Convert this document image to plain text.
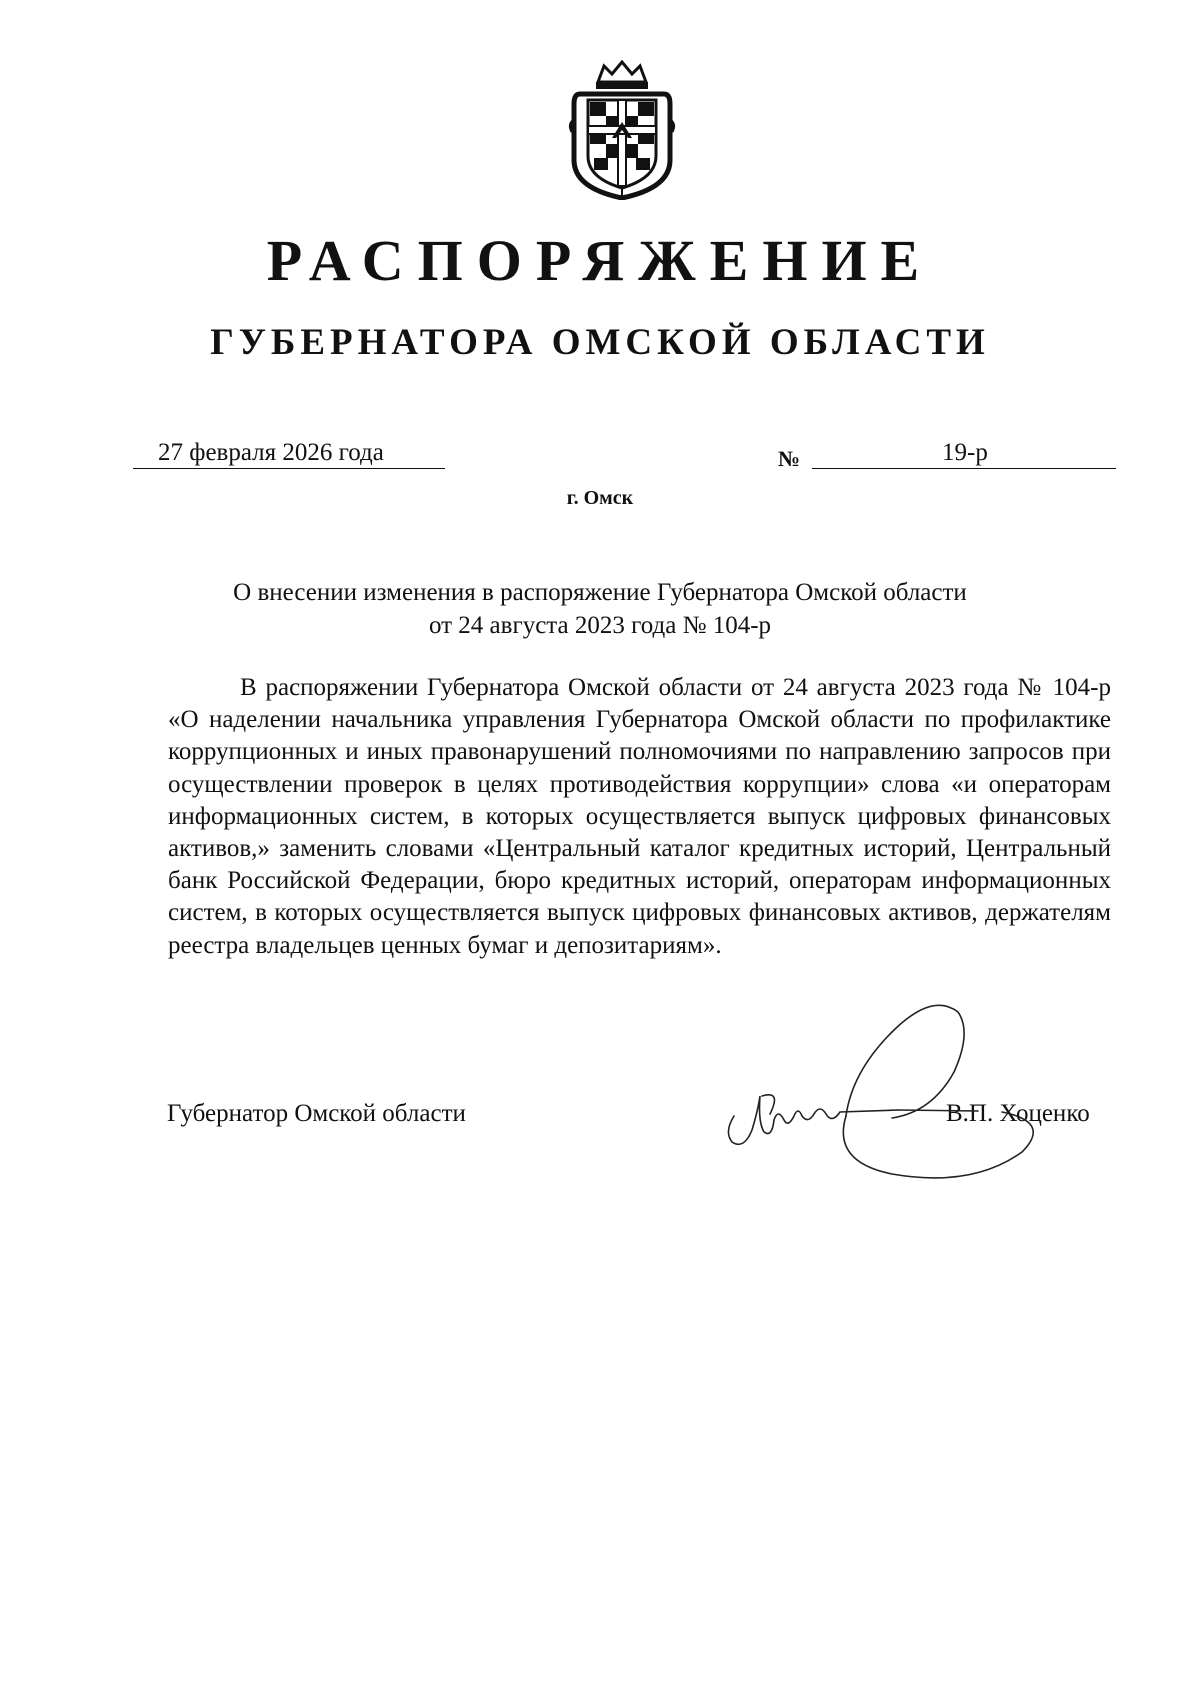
РАСПОРЯЖЕНИЕ
ГУБЕРНАТОРА ОМСКОЙ ОБЛАСТИ
27 февраля 2026 года	№	19-р
г. Омск
О внесении изменения в распоряжение Губернатора Омской области
от 24 августа 2023 года № 104-р

В распоряжении Губернатора Омской области от 24 августа 2023 года № 104-р «О наделении начальника управления Губернатора Омской области по профилактике коррупционных и иных правонарушений полномочиями по направлению запросов при осуществлении проверок в целях противодействия коррупции» слова «и операторам информационных систем, в которых осуществляется выпуск цифровых финансовых активов,» заменить словами «Центральный каталог кредитных историй, Центральный банк Российской Федерации, бюро кредитных историй, операторам информационных систем, в которых осуществляется выпуск цифровых финансовых активов, держателям реестра владельцев ценных бумаг и депозитариям».

Губернатор Омской области	В.П. Хоценко
